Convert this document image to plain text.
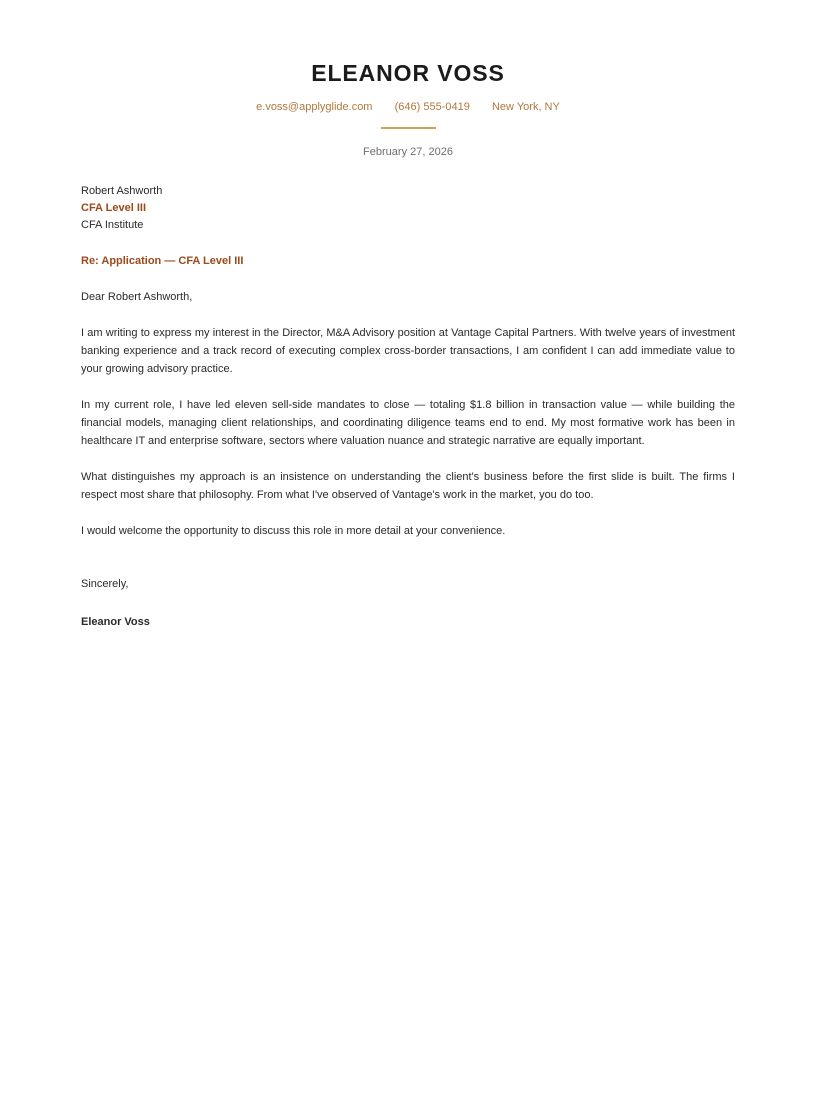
ELEANOR VOSS
e.voss@applyglide.com (646) 555-0419 New York, NY
February 27, 2026
Robert Ashworth
CFA Level III
CFA Institute
Re: Application — CFA Level III
Dear Robert Ashworth,

I am writing to express my interest in the Director, M&A Advisory position at Vantage Capital Partners. With twelve years of investment banking experience and a track record of executing complex cross-border transactions, I am confident I can add immediate value to your growing advisory practice.

In my current role, I have led eleven sell-side mandates to close — totaling $1.8 billion in transaction value — while building the financial models, managing client relationships, and coordinating diligence teams end to end. My most formative work has been in healthcare IT and enterprise software, sectors where valuation nuance and strategic narrative are equally important.

What distinguishes my approach is an insistence on understanding the client's business before the first slide is built. The firms I respect most share that philosophy. From what I've observed of Vantage's work in the market, you do too.

I would welcome the opportunity to discuss this role in more detail at your convenience.

Sincerely,
Eleanor Voss
